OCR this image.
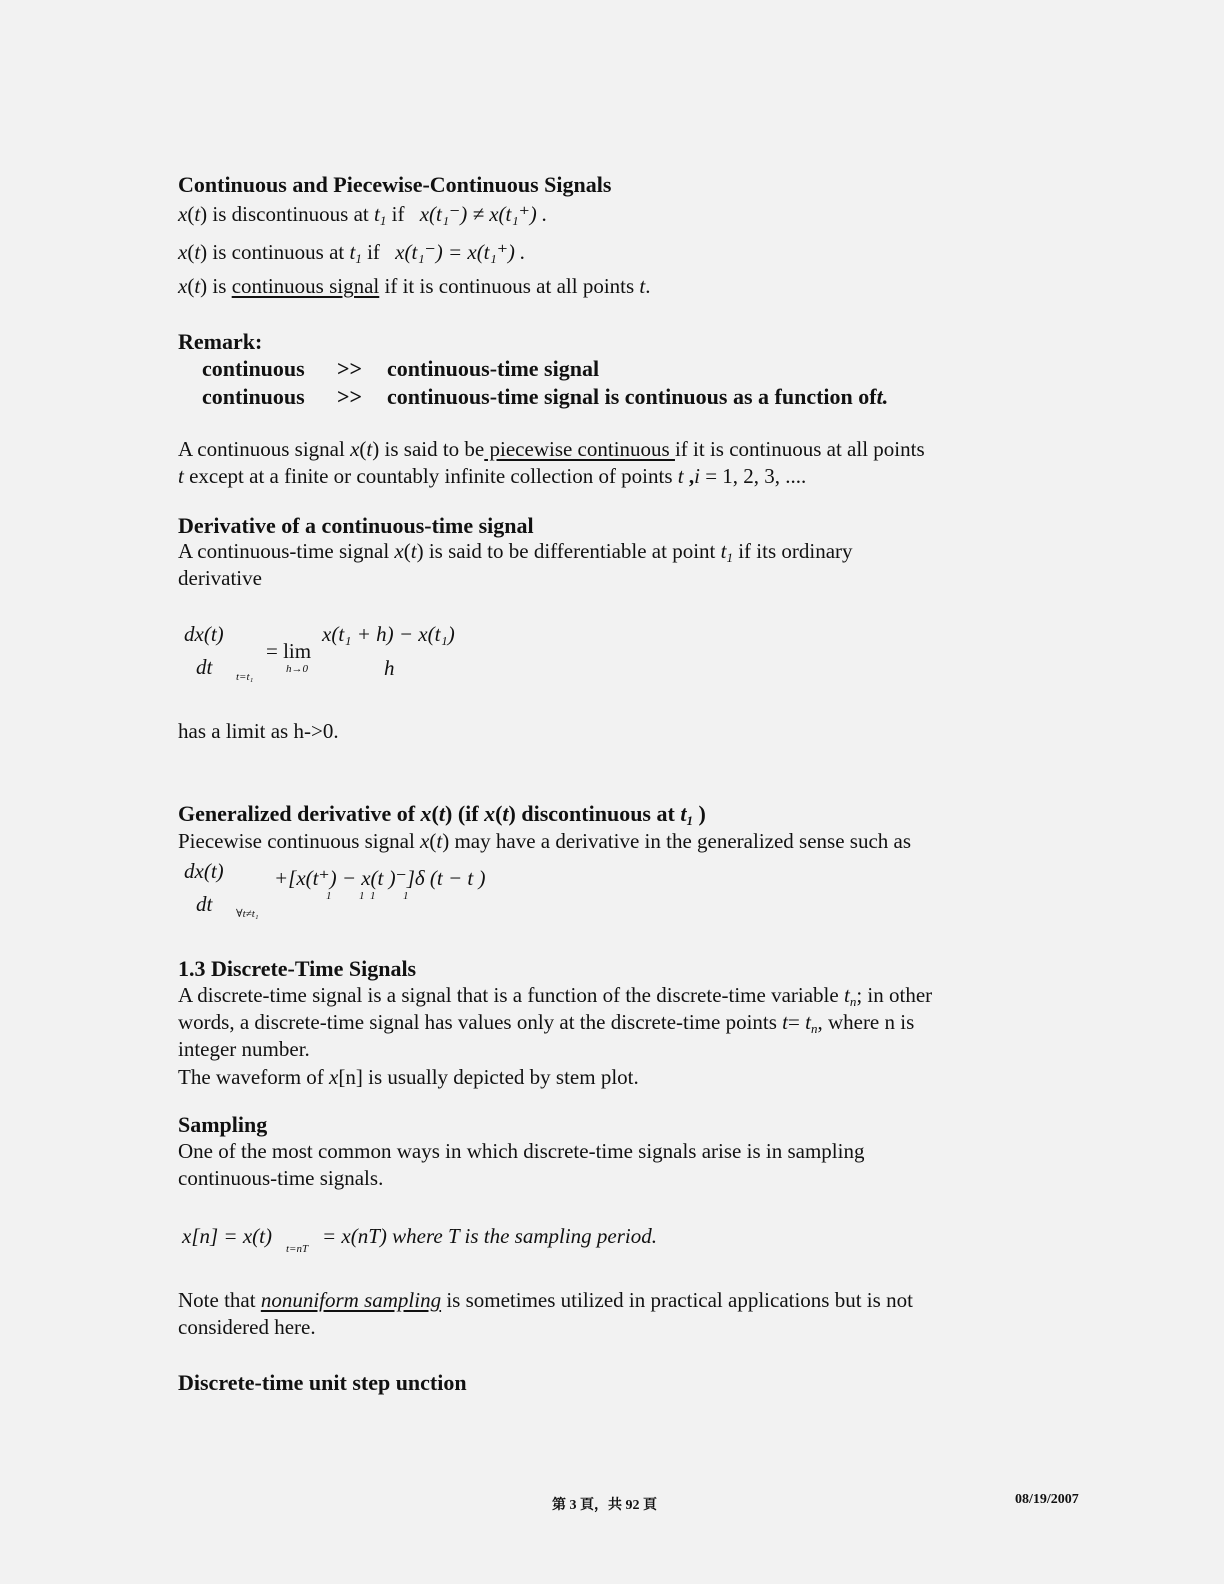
Continuous and Piecewise-Continuous Signals
x(t) is discontinuous at $t_1$ if x(t₁⁻) ≠ x(t₁⁺) .
x(t) is continuous at $t_1$ if x(t₁⁻) = x(t₁⁺) .
x(t) is continuous signal if it is continuous at all points t.
Remark:
continuous >> continuous-time signal
continuous >> continuous-time signal is continuous as a function oft.
A continuous signal x(t) is said to be piecewise continuous if it is continuous at all points
t except at a finite or countably infinite collection of points t ,i = 1, 2, 3, ....
Derivative of a continuous-time signal
A continuous-time signal x(t) is said to be differentiable at point $t_1$ if its ordinary
derivative
dx(t)
dt t=t₁
= lim
h→0
x(t₁ + h) − x(t₁)
h
has a limit as h->0.
Generalized derivative of x(t) (if x(t) discontinuous at $t_1$ )
Piecewise continuous signal x(t) may have a derivative in the generalized sense such as
dx(t)
dt ∀t≠t₁
+[x(t⁺) − x(t )⁻]δ (t − t )
1          1  1          1
1.3 Discrete-Time Signals
A discrete-time signal is a signal that is a function of the discrete-time variable $t_n$; in other
words, a discrete-time signal has values only at the discrete-time points $t= t_n$, where n is
integer number.
The waveform of x[n] is usually depicted by stem plot.
Sampling
One of the most common ways in which discrete-time signals arise is in sampling
continuous-time signals.
x[n] = x(t)
t=nT
= x(nT) where T is the sampling period.
Note that nonuniform sampling is sometimes utilized in practical applications but is not
considered here.
Discrete-time unit step unction
第 3 頁，共 92 頁	08/19/2007
